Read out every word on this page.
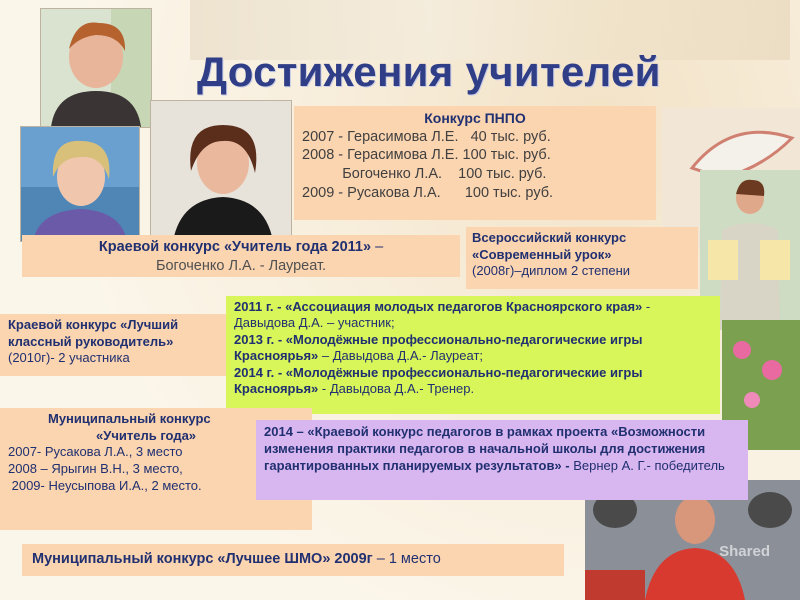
Shared
Достижения учителей
Конкурс ПНПО
2007 - Герасимова Л.Е.   40 тыс. руб.
2008 - Герасимова Л.Е. 100 тыс. руб.
Богоченко Л.А.    100 тыс. руб.
2009 - Русакова Л.А.      100 тыс. руб.
Краевой конкурс «Учитель года 2011» –
Богоченко Л.А. - Лауреат.
Всероссийский конкурс
«Современный урок»
(2008г)–диплом 2 степени
Краевой конкурс «Лучший
классный руководитель»
(2010г)- 2 участника
2011 г. - «Ассоциация молодых педагогов Красноярского края» - Давыдова Д.А. – участник;
2013 г. - «Молодёжные профессионально-педагогические игры Красноярья» – Давыдова Д.А.- Лауреат;
2014 г. - «Молодёжные профессионально-педагогические игры Красноярья» - Давыдова Д.А.- Тренер.
Муниципальный конкурс
«Учитель года»
2007- Русакова Л.А., 3 место
2008 – Ярыгин В.Н., 3 место,
2009- Неусыпова И.А., 2 место.
2014 – «Краевой конкурс педагогов в рамках проекта «Возможности изменения практики педагогов в начальной школы для достижения гарантированных планируемых результатов» - Вернер А. Г.- победитель
Муниципальный конкурс «Лучшее ШМО» 2009г – 1 место
